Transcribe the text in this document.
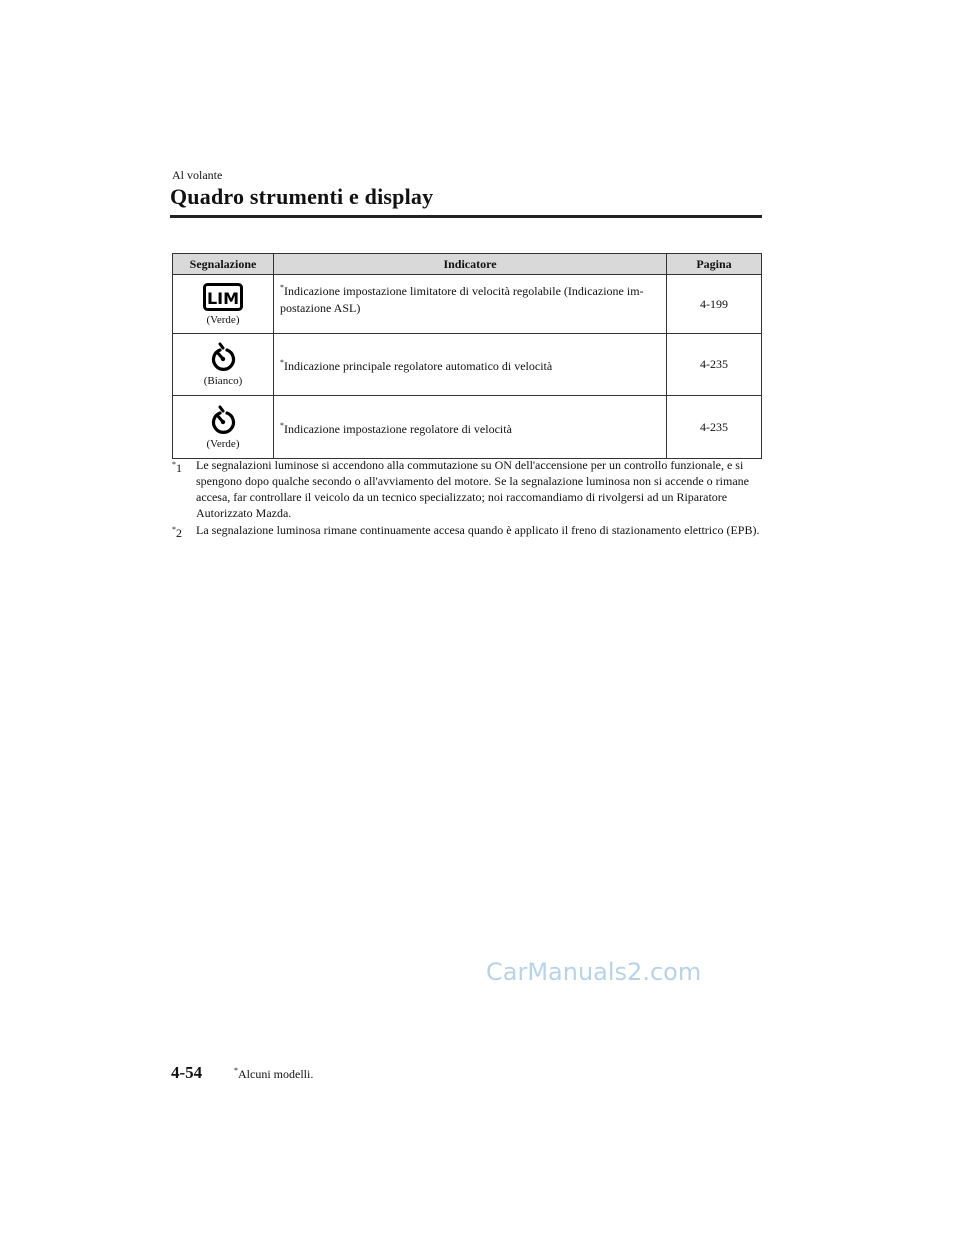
Al volante
Quadro strumenti e display
Segnalazione	Indicatore	Pagina

LIM
(Verde)	*Indicazione impostazione limitatore di velocità regolabile (Indicazione im-postazione ASL)	4-199

(Bianco)	*Indicazione principale regolatore automatico di velocità	4-235

(Verde)	*Indicazione impostazione regolatore di velocità	4-235
*1	Le segnalazioni luminose si accendono alla commutazione su ON dell'accensione per un controllo funzionale, e si spengono dopo qualche secondo o all'avviamento del motore. Se la segnalazione luminosa non si accende o rimane accesa, far controllare il veicolo da un tecnico specializzato; noi raccomandiamo di rivolgersi ad un Riparatore Autorizzato Mazda.
*2	La segnalazione luminosa rimane continuamente accesa quando è applicato il freno di stazionamento elettrico (EPB).
CarManuals2.com
4-54	*Alcuni modelli.
